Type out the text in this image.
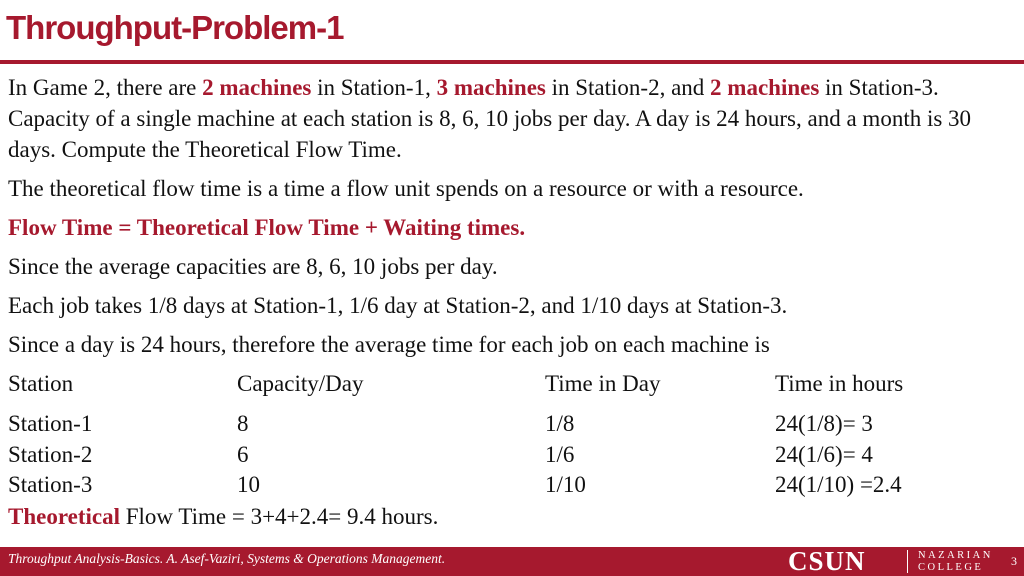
Throughput-Problem-1

In Game 2, there are 2 machines in Station-1, 3 machines in Station-2, and 2 machines in Station-3. Capacity of a single machine at each station is 8, 6, 10 jobs per day. A day is 24 hours, and a month is 30 days. Compute the Theoretical Flow Time.

The theoretical flow time is a time a flow unit spends on a resource or with a resource.

Flow Time = Theoretical Flow Time + Waiting times.

Since the average capacities are 8, 6, 10 jobs per day.

Each job takes 1/8 days at Station-1, 1/6 day at Station-2, and 1/10 days at Station-3.

Since a day is 24 hours, therefore the average time for each job on each machine is

Station	Capacity/Day	Time in Day	Time in hours
Station-1	8	1/8	24(1/8)= 3
Station-2	6	1/6	24(1/6)= 4
Station-3	10	1/10	24(1/10) =2.4

Theoretical Flow Time = 3+4+2.4= 9.4 hours.

Throughput Analysis-Basics. A. Asef-Vaziri, Systems & Operations Management.	CSUN	NAZARIAN
COLLEGE	3
